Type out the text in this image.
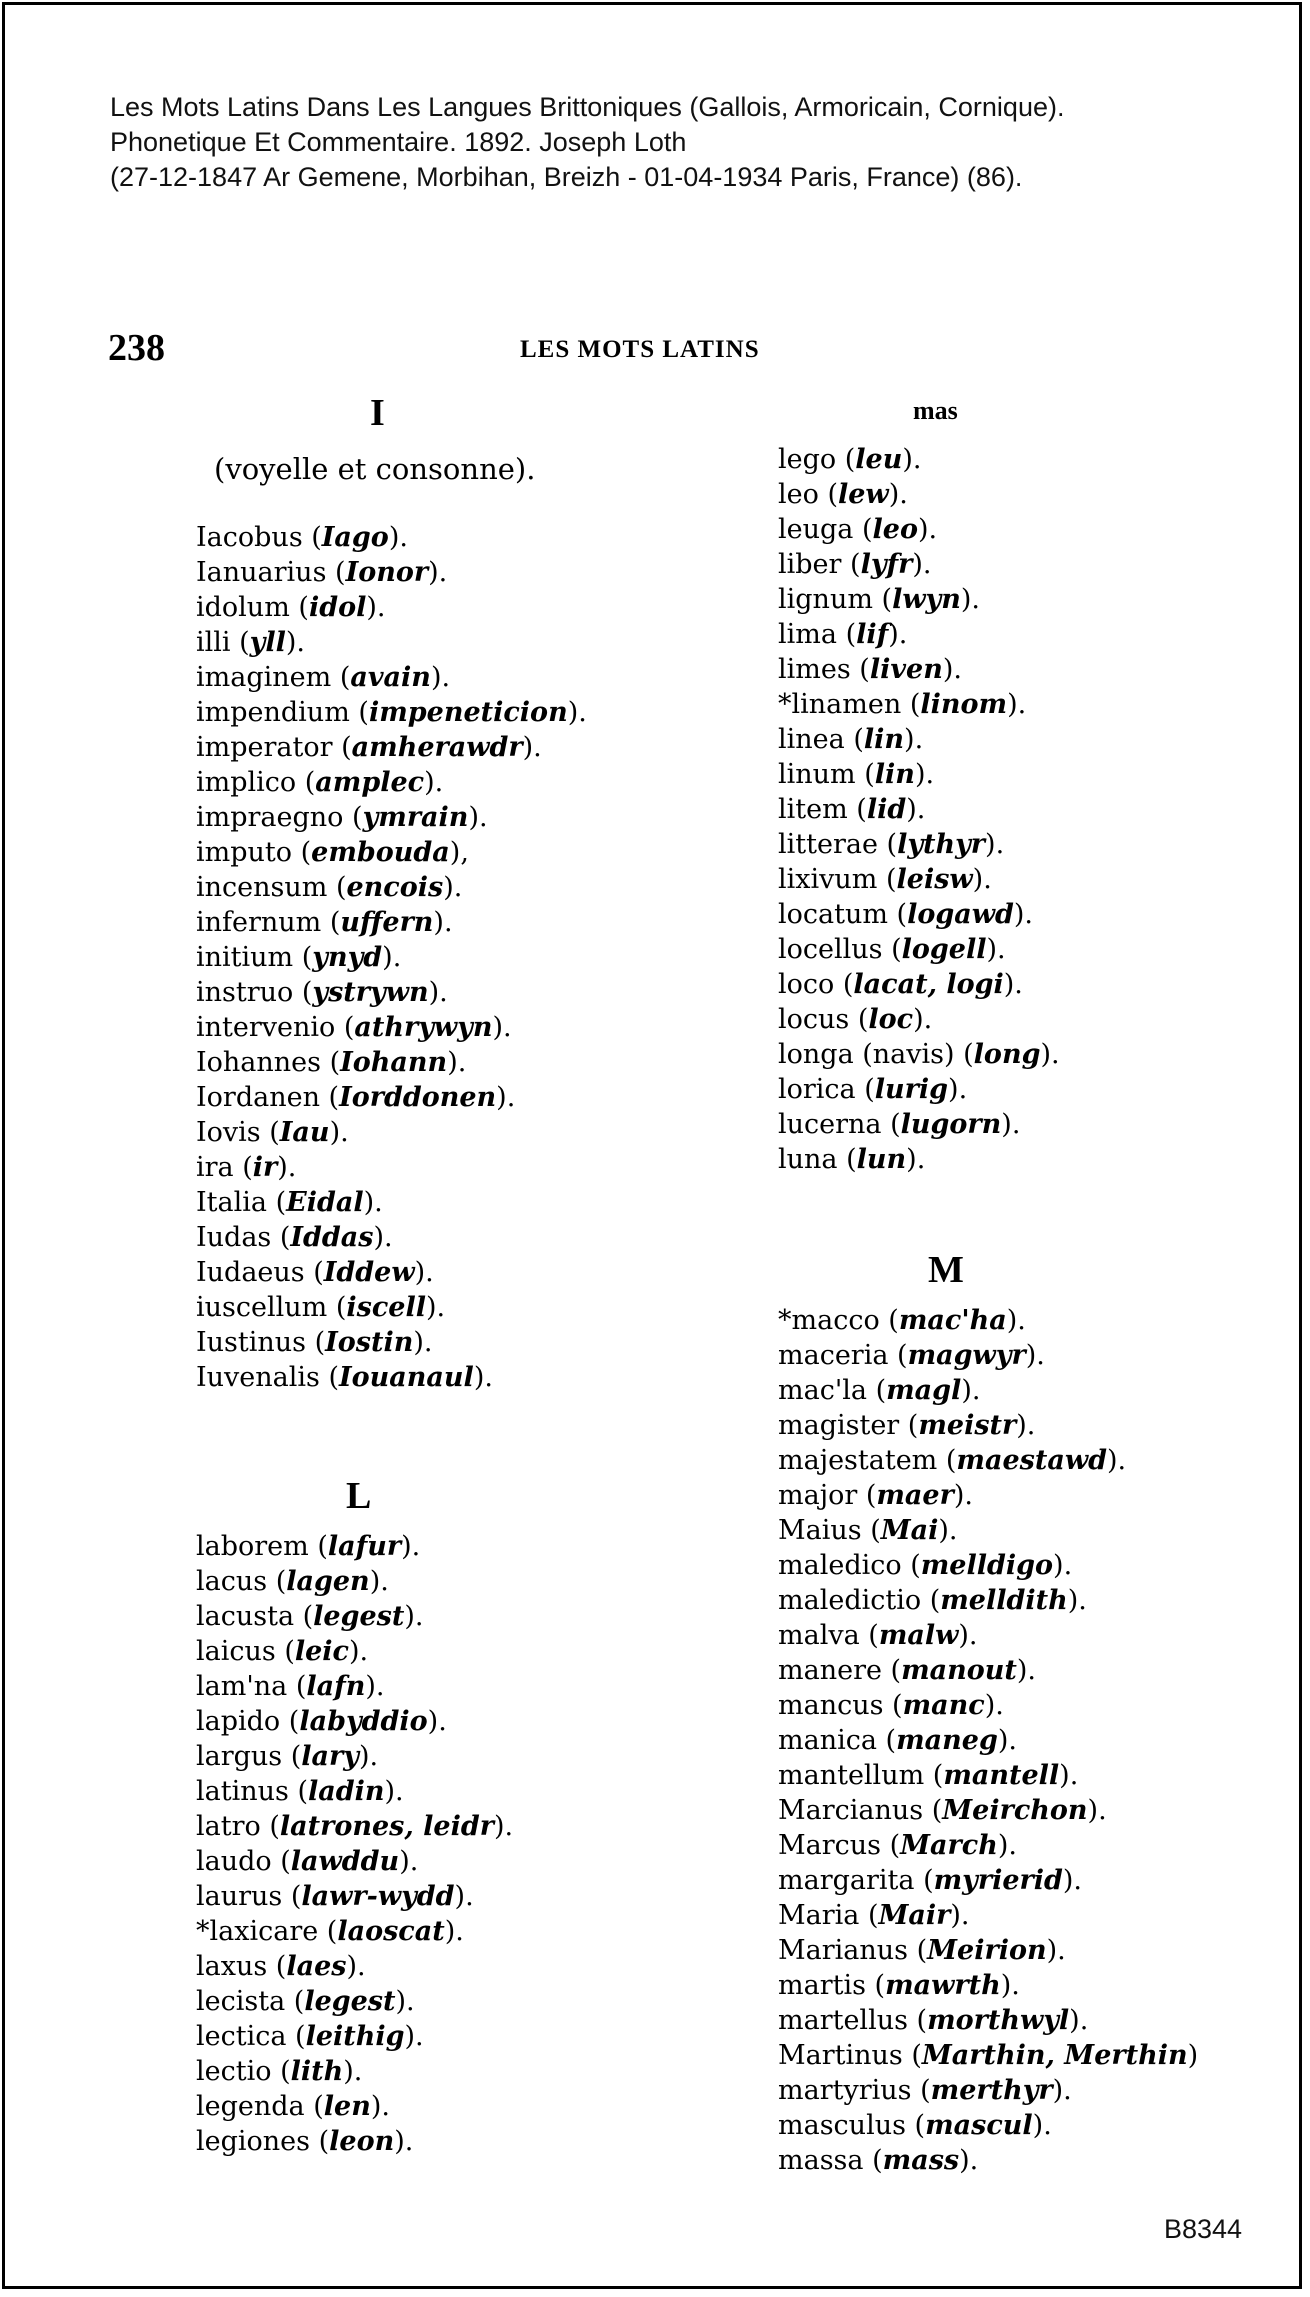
Les Mots Latins Dans Les Langues Brittoniques (Gallois, Armoricain, Cornique).
Phonetique Et Commentaire. 1892. Joseph Loth
(27-12-1847 Ar Gemene, Morbihan, Breizh - 01-04-1934 Paris, France) (86).
238	LES MOTS LATINS
I
(voyelle et consonne).
Iacobus (Iago).
Ianuarius (Ionor).
idolum (idol).
illi (yll).
imaginem (avain).
impendium (impeneticion).
imperator (amherawdr).
implico (amplec).
impraegno (ymrain).
imputo (embouda),
incensum (encois).
infernum (uffern).
initium (ynyd).
instruo (ystrywn).
intervenio (athrywyn).
Iohannes (Iohann).
Iordanen (Iorddonen).
Iovis (Iau).
ira (ir).
Italia (Eidal).
Iudas (Iddas).
Iudaeus (Iddew).
iuscellum (iscell).
Iustinus (Iostin).
Iuvenalis (Iouanaul).
L
laborem (lafur).
lacus (lagen).
lacusta (legest).
laicus (leic).
lam'na (lafn).
lapido (labyddio).
largus (lary).
latinus (ladin).
latro (latrones, leidr).
laudo (lawddu).
laurus (lawr-wydd).
*laxicare (laoscat).
laxus (laes).
lecista (legest).
lectica (leithig).
lectio (lith).
legenda (len).
legiones (leon).
mas
lego (leu).
leo (lew).
leuga (leo).
liber (lyfr).
lignum (lwyn).
lima (lif).
limes (liven).
*linamen (linom).
linea (lin).
linum (lin).
litem (lid).
litterae (lythyr).
lixivum (leisw).
locatum (logawd).
locellus (logell).
loco (lacat, logi).
locus (loc).
longa (navis) (long).
lorica (lurig).
lucerna (lugorn).
luna (lun).
M
*macco (mac'ha).
maceria (magwyr).
mac'la (magl).
magister (meistr).
majestatem (maestawd).
major (maer).
Maius (Mai).
maledico (melldigo).
maledictio (melldith).
malva (malw).
manere (manout).
mancus (manc).
manica (maneg).
mantellum (mantell).
Marcianus (Meirchon).
Marcus (March).
margarita (myrierid).
Maria (Mair).
Marianus (Meirion).
martis (mawrth).
martellus (morthwyl).
Martinus (Marthin, Merthin)
martyrius (merthyr).
masculus (mascul).
massa (mass).
B8344
